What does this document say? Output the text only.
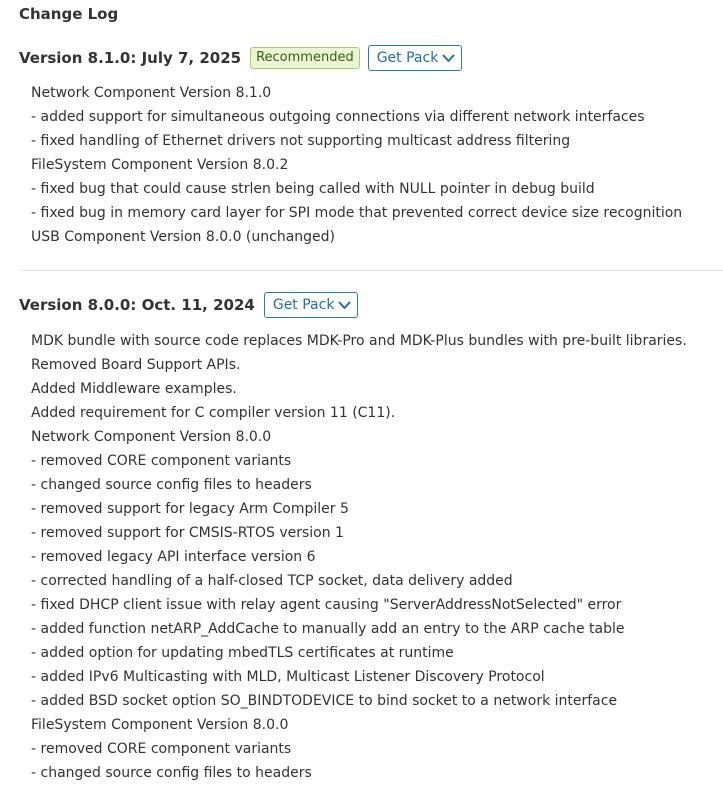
Change Log
Version 8.1.0: July 7, 2025	Recommended	Get Pack
Network Component Version 8.1.0
- added support for simultaneous outgoing connections via different network interfaces
- fixed handling of Ethernet drivers not supporting multicast address filtering
FileSystem Component Version 8.0.2
- fixed bug that could cause strlen being called with NULL pointer in debug build
- fixed bug in memory card layer for SPI mode that prevented correct device size recognition
USB Component Version 8.0.0 (unchanged)
Version 8.0.0: Oct. 11, 2024 Get Pack
MDK bundle with source code replaces MDK-Pro and MDK-Plus bundles with pre-built libraries.
Removed Board Support APIs.
Added Middleware examples.
Added requirement for C compiler version 11 (C11).
Network Component Version 8.0.0
- removed CORE component variants
- changed source config files to headers
- removed support for legacy Arm Compiler 5
- removed support for CMSIS-RTOS version 1
- removed legacy API interface version 6
- corrected handling of a half-closed TCP socket, data delivery added
- fixed DHCP client issue with relay agent causing "ServerAddressNotSelected" error
- added function netARP_AddCache to manually add an entry to the ARP cache table
- added option for updating mbedTLS certificates at runtime
- added IPv6 Multicasting with MLD, Multicast Listener Discovery Protocol
- added BSD socket option SO_BINDTODEVICE to bind socket to a network interface
FileSystem Component Version 8.0.0
- removed CORE component variants
- changed source config files to headers
